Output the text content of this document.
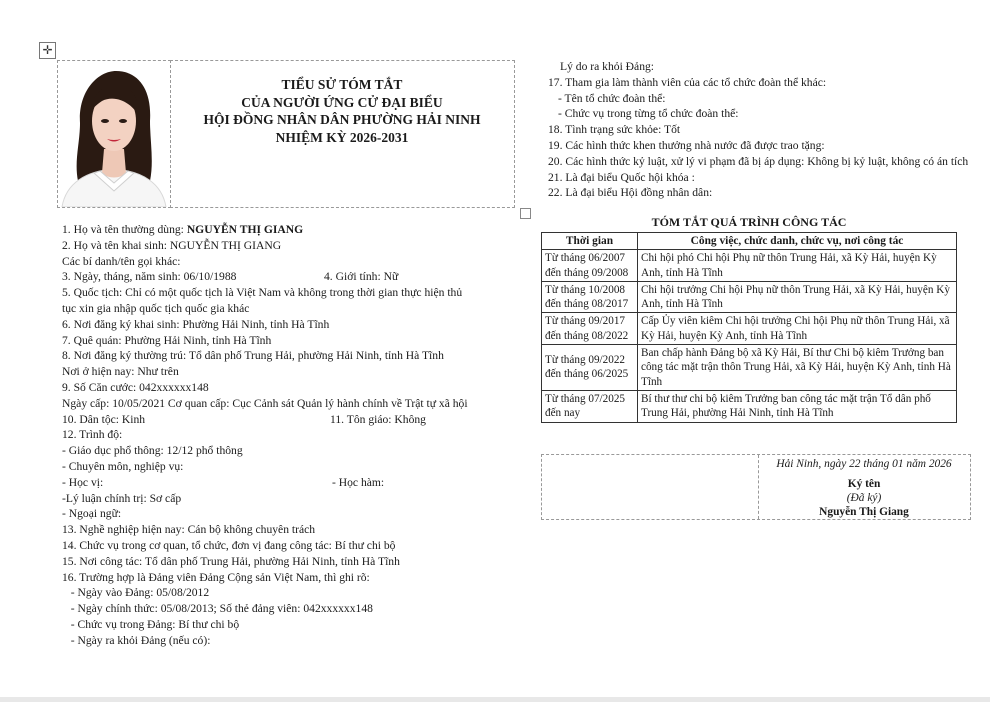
✛
TIỂU SỬ TÓM TẮT
CỦA NGƯỜI ỨNG CỬ ĐẠI BIỂU
HỘI ĐỒNG NHÂN DÂN PHƯỜNG HẢI NINH
NHIỆM KỲ 2026-2031
1. Họ và tên thường dùng: NGUYỄN THỊ GIANG
2. Họ và tên khai sinh: NGUYỄN THỊ GIANG
Các bí danh/tên gọi khác:
3. Ngày, tháng, năm sinh: 06/10/1988	4. Giới tính: Nữ
5. Quốc tịch: Chỉ có một quốc tịch là Việt Nam và không trong thời gian thực hiện thủ
tục xin gia nhập quốc tịch quốc gia khác
6. Nơi đăng ký khai sinh: Phường Hải Ninh, tỉnh Hà Tĩnh
7. Quê quán: Phường Hải Ninh, tỉnh Hà Tĩnh
8. Nơi đăng ký thường trú: Tổ dân phố Trung Hải, phường Hải Ninh, tỉnh Hà Tĩnh
Nơi ở hiện nay: Như trên
9. Số Căn cước: 042xxxxxx148
Ngày cấp: 10/05/2021 Cơ quan cấp: Cục Cảnh sát Quản lý hành chính về Trật tự xã hội
10. Dân tộc: Kinh	11. Tôn giáo: Không
12. Trình độ:
- Giáo dục phổ thông: 12/12 phổ thông
- Chuyên môn, nghiệp vụ:
- Học vị:	- Học hàm:
-Lý luận chính trị: Sơ cấp
- Ngoại ngữ:
13. Nghề nghiệp hiện nay: Cán bộ không chuyên trách
14. Chức vụ trong cơ quan, tổ chức, đơn vị đang công tác: Bí thư chi bộ
15. Nơi công tác: Tổ dân phố Trung Hải, phường Hải Ninh, tỉnh Hà Tĩnh
16. Trường hợp là Đảng viên Đảng Cộng sản Việt Nam, thì ghi rõ:
- Ngày vào Đảng: 05/08/2012
- Ngày chính thức: 05/08/2013; Số thẻ đảng viên: 042xxxxxx148
- Chức vụ trong Đảng: Bí thư chi bộ
- Ngày ra khỏi Đảng (nếu có):
Lý do ra khỏi Đảng:
17. Tham gia làm thành viên của các tổ chức đoàn thể khác:
- Tên tổ chức đoàn thể:
- Chức vụ trong từng tổ chức đoàn thể:
18. Tình trạng sức khỏe: Tốt
19. Các hình thức khen thưởng nhà nước đã được trao tặng:
20. Các hình thức kỷ luật, xử lý vi phạm đã bị áp dụng: Không bị kỷ luật, không có án tích
21. Là đại biểu Quốc hội khóa :
22. Là đại biểu Hội đồng nhân dân:
TÓM TẮT QUÁ TRÌNH CÔNG TÁC
Thời gian	Công việc, chức danh, chức vụ, nơi công tác
Từ tháng 06/2007 đến tháng 09/2008	Chi hội phó Chi hội Phụ nữ thôn Trung Hải, xã Kỳ Hải, huyện Kỳ Anh, tỉnh Hà Tĩnh
Từ tháng 10/2008 đến tháng 08/2017	Chi hội trưởng Chi hội Phụ nữ thôn Trung Hải, xã Kỳ Hải, huyện Kỳ Anh, tỉnh Hà Tĩnh
Từ tháng 09/2017 đến tháng 08/2022	Cấp Ủy viên kiêm Chi hội trưởng Chi hội Phụ nữ thôn Trung Hải, xã Kỳ Hải, huyện Kỳ Anh, tỉnh Hà Tĩnh
Từ tháng 09/2022 đến tháng 06/2025	Ban chấp hành Đảng bộ xã Kỳ Hải, Bí thư Chi bộ kiêm Trưởng ban công tác mặt trận thôn Trung Hải, xã Kỳ Hải, huyện Kỳ Anh, tỉnh Hà Tĩnh
Từ tháng 07/2025 đến nay	Bí thư thư chi bộ kiêm Trưởng ban công tác mặt trận Tổ dân phố Trung Hải, phường Hải Ninh, tỉnh Hà Tĩnh
Hải Ninh, ngày 22 tháng 01 năm 2026
Ký tên
(Đã ký)
Nguyễn Thị Giang
